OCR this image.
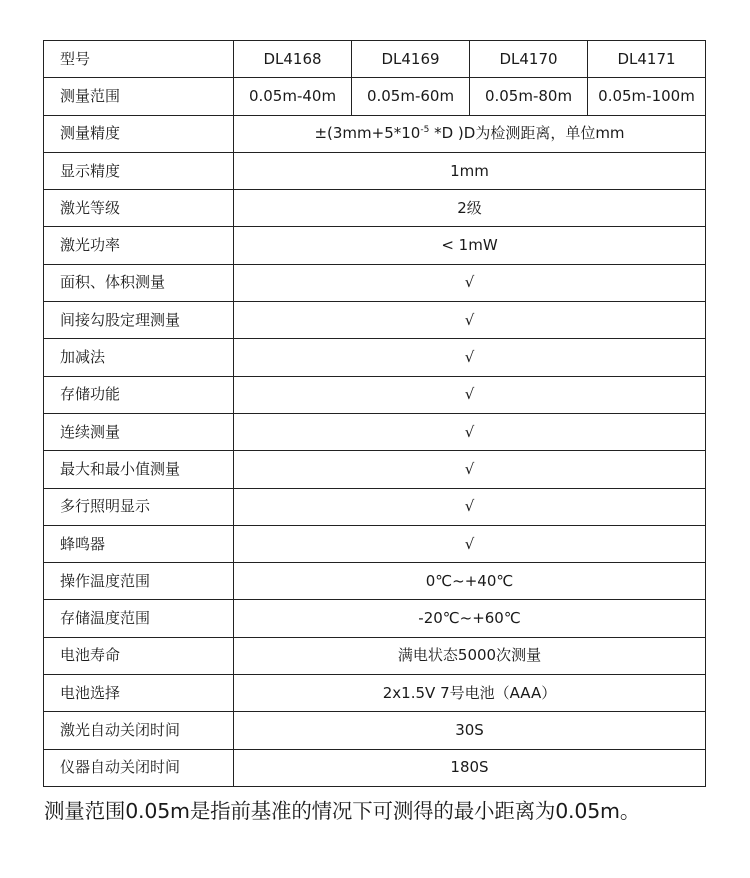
型号	DL4168	DL4169	DL4170	DL4171
测量范围	0.05m-40m	0.05m-60m	0.05m-80m	0.05m-100m
测量精度	$\pm(3mm+5*10^{-5}$ *D )D为检测距离，单位mm			
显示精度	1mm			
激光等级	2级			
激光功率	< 1mW			
面积、体积测量	√			
间接勾股定理测量	√			
加减法	√			
存储功能	√			
连续测量	√			
最大和最小值测量	√			
多行照明显示	√			
蜂鸣器	√			
操作温度范围	0℃~+40℃			
存储温度范围	-20℃~+60℃			
电池寿命	满电状态5000次测量			
电池选择	2x1.5V 7号电池（AAA）			
激光自动关闭时间	30S			
仪器自动关闭时间	180S			
测量范围0.05m是指前基准的情况下可测得的最小距离为0.05m。
